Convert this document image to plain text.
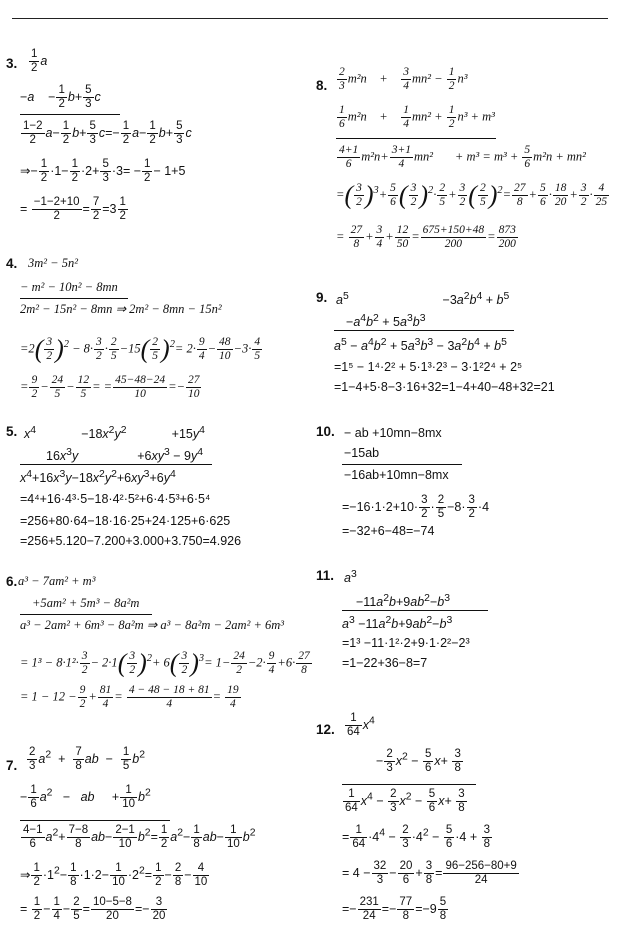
3. $\frac{1}{2}$ a
−a    − $\frac{1}{2} b+ \frac{5}{3}$ c
$\frac{1-2}{2} a- \frac{1}{2} b+ \frac{5}{3} c=- \frac{1}{2} a- \frac{1}{2} b+ \frac{5}{3}$ c
⇒− $\frac{1}{2} \cdot 1- \frac{1}{2} \cdot 2+ \frac{5}{3} \cdot 3= - \frac{1}{2} - 1+5$
= $\frac{-1-2+10}{2} = \frac{7}{2} =3 \frac{1}{2}$
4. 3m² − 5n²
− m² − 10n² − 8mn
2m² − 15n² − 8mn ⇒ 2m² − 8mn − 15n²
$=2( \frac{3}{2} )^2 - 8\cdot \frac{3}{2} \cdot \frac{2}{5} -15( \frac{2}{5} )^2= 2\cdot \frac{9}{4} - \frac{48}{10} -3\cdot \frac{4}{5}$
= $\frac{9}{2} - \frac{24}{5} - \frac{12}{5}$ = = $\frac{45-48-24}{10} =- \frac{27}{10}$
5. $x^4$             $-18x^2y^2$             $+15y^4$
$16x^3y$                 $+6xy^3 - 9y^4$
$x^4+16x^3y-18x^2y^2+6xy^3+6y^4$
=4⁴+16·4³·5−18·4²·5²+6·4·5³+6·5⁴
=256+80·64−18·16·25+24·125+6·625
=256+5.120−7.200+3.000+3.750=4.926
6. a³ − 7am² + m³
+5am² + 5m³ − 8a²m
a³ − 2am² + 6m³ − 8a²m ⇒ a³ − 8a²m − 2am² + 6m³
= $1^3 - 8\cdot 1^2\cdot \frac{3}{2} - 2\cdot 1( \frac{3}{2} )^2+ 6( \frac{3}{2} )^3= 1- \frac{24}{2} -2\cdot \frac{9}{4} +6\cdot \frac{27}{8}$
= $1 - 12 - \frac{9}{2} + \frac{81}{4} = \frac{4 - 48 - 18 + 81}{4} = \frac{19}{4}$
7. $\frac{2}{3} a^2 + \frac{7}{8}$ ab  − $\frac{1}{5} b^2$
− $\frac{1}{6} a^2$   −   ab     + $\frac{1}{10} b^2$
$\frac{4-1}{6} a^2+ \frac{7-8}{8} ab- \frac{2-1}{10} b^2= \frac{1}{2} a^2- \frac{1}{8} ab- \frac{1}{10} b^2$
⇒ $\frac{1}{2} \cdot 1^2- \frac{1}{8} \cdot 1\cdot 2- \frac{1}{10} \cdot 2^2= \frac{1}{2} - \frac{2}{8} - \frac{4}{10}$
= $\frac{1}{2} - \frac{1}{4} - \frac{2}{5} = \frac{10-5-8}{20} =- \frac{3}{20}$
8. $\frac{2}{3} m^2n$    + $\frac{3}{4} mn^2 - \frac{1}{2} n^3$
$\frac{1}{6} m^2n$    + $\frac{1}{4} mn^2 + \frac{1}{2} n^3 + m^3$
$\frac{4+1}{6} m^2n+ \frac{3+1}{4} mn^2$       + $m^3 = m^3 + \frac{5}{6} m^2n + mn^2$
=( $\frac{3}{2} )^3+ \frac{5}{6}$ ( $\frac{3}{2} )^2\cdot \frac{2}{5} + \frac{3}{2}$ ( $\frac{2}{5} )^2= \frac{27}{8} + \frac{5}{6} \cdot \frac{18}{20} + \frac{3}{2} \cdot \frac{4}{25}$
= $\frac{27}{8} + \frac{3}{4} + \frac{12}{50} = \frac{675+150+48}{200} = \frac{873}{200}$
9. $a^5$                           $-3a^2b^4 + b^5$
$-a^4b^2 + 5a^3b^3$
$a^5 - a^4b^2 + 5a^3b^3 - 3a^2b^4 + b^5$
=1⁵ − 1⁴·2² + 5·1³·2³ − 3·1²2⁴ + 2⁵
=1−4+5·8−3·16+32=1−4+40−48+32=21
10. − ab +10mn−8mx
−15ab
−16ab+10mn−8mx
$=-16\cdot 1\cdot 2+10\cdot \frac{3}{2} \cdot \frac{2}{5} -8\cdot \frac{3}{2} \cdot 4$
=−32+6−48=−74
11. $a^3$
$-11a^2b+9ab^2-b^3$
$a^3 -11a^2b+9ab^2-b^3$
=1³ −11·1²·2+9·1·2²−2³
=1−22+36−8=7
12. $\frac{1}{64} x^4$
− $\frac{2}{3} x^2 - \frac{5}{6} x+ \frac{3}{8}$
$\frac{1}{64} x^4 - \frac{2}{3} x^2 - \frac{5}{6} x+ \frac{3}{8}$
= $\frac{1}{64} \cdot 4^4 - \frac{2}{3} \cdot 4^2 - \frac{5}{6} \cdot 4 + \frac{3}{8}$
= $4 - \frac{32}{3} - \frac{20}{6} + \frac{3}{8} = \frac{96-256-80+9}{24}$
=− $\frac{231}{24} =- \frac{77}{8} =-9 \frac{5}{8}$
